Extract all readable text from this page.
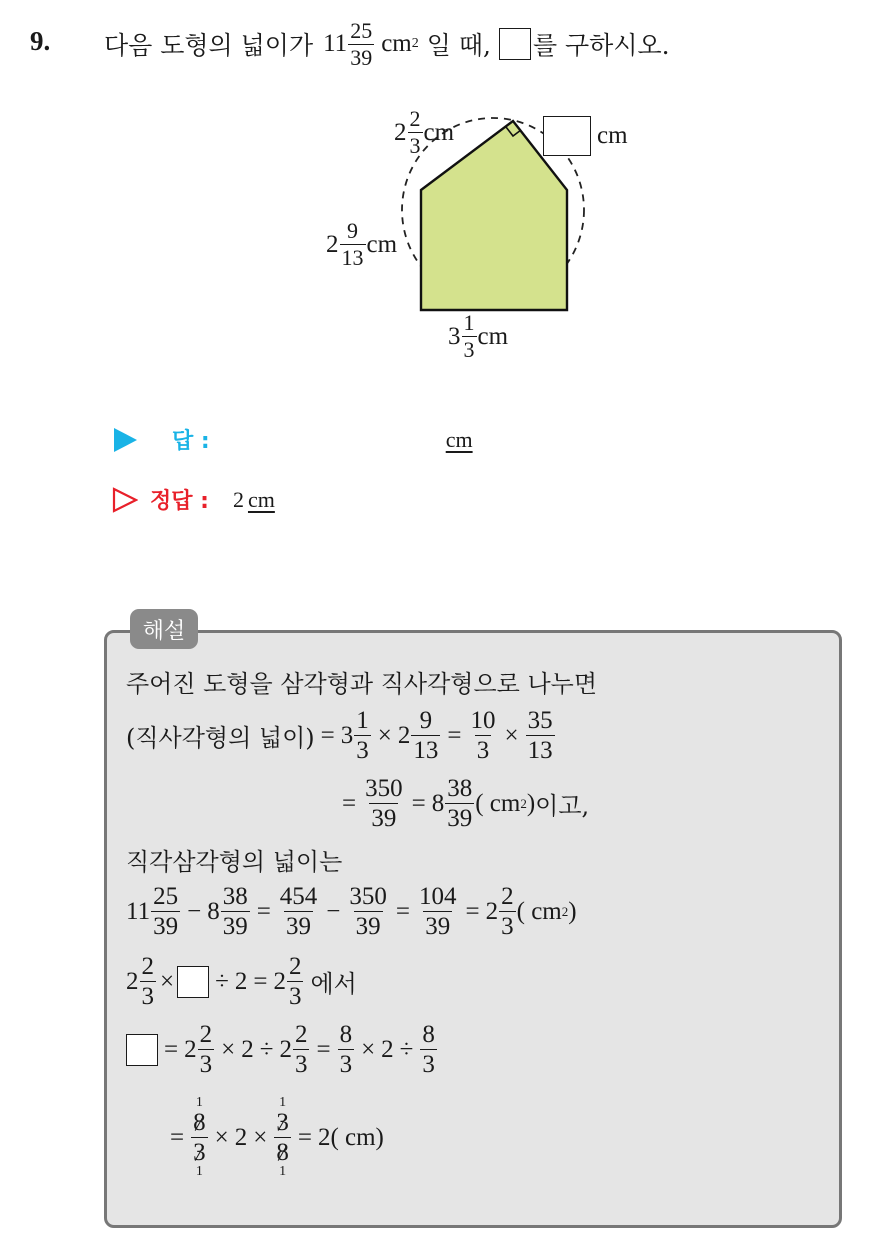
9. 다음 도형의 넓이가 $11 \frac{25}{39}$ cm 2 일 때, 를 구하시오.
$2 \frac{2}{3}$ cm	cm
$2 \frac{9}{13}$ cm
$3 \frac{1}{3}$ cm
답 :	cm
정답 : 2 cm
해설
주어진 도형을 삼각형과 직사각형으로 나누면
(직사각형의 넓이) = $3 \frac{1}{3} \times 2 \frac{9}{13} = \frac{10}{3} \times \frac{35}{13}$
= $\frac{350}{39} = 8 \frac{38}{39}$ ( cm 2 ) 이고,
직각삼각형의 넓이는
$11 \frac{25}{39} - 8 \frac{38}{39} = \frac{454}{39} - \frac{350}{39} = \frac{104}{39} = 2 \frac{2}{3}$ ( cm 2 )
$2 \frac{2}{3}$ × ÷ $2 = 2 \frac{2}{3}$ 에서
= $2 \frac{2}{3} \times 2 \div 2 \frac{2}{3} = \frac{8}{3} \times 2 \div \frac{8}{3}$
=
1
$\frac{8}{3}$
1
× 2 ×
1
$\frac{3}{8}$
1
= 2( cm)
